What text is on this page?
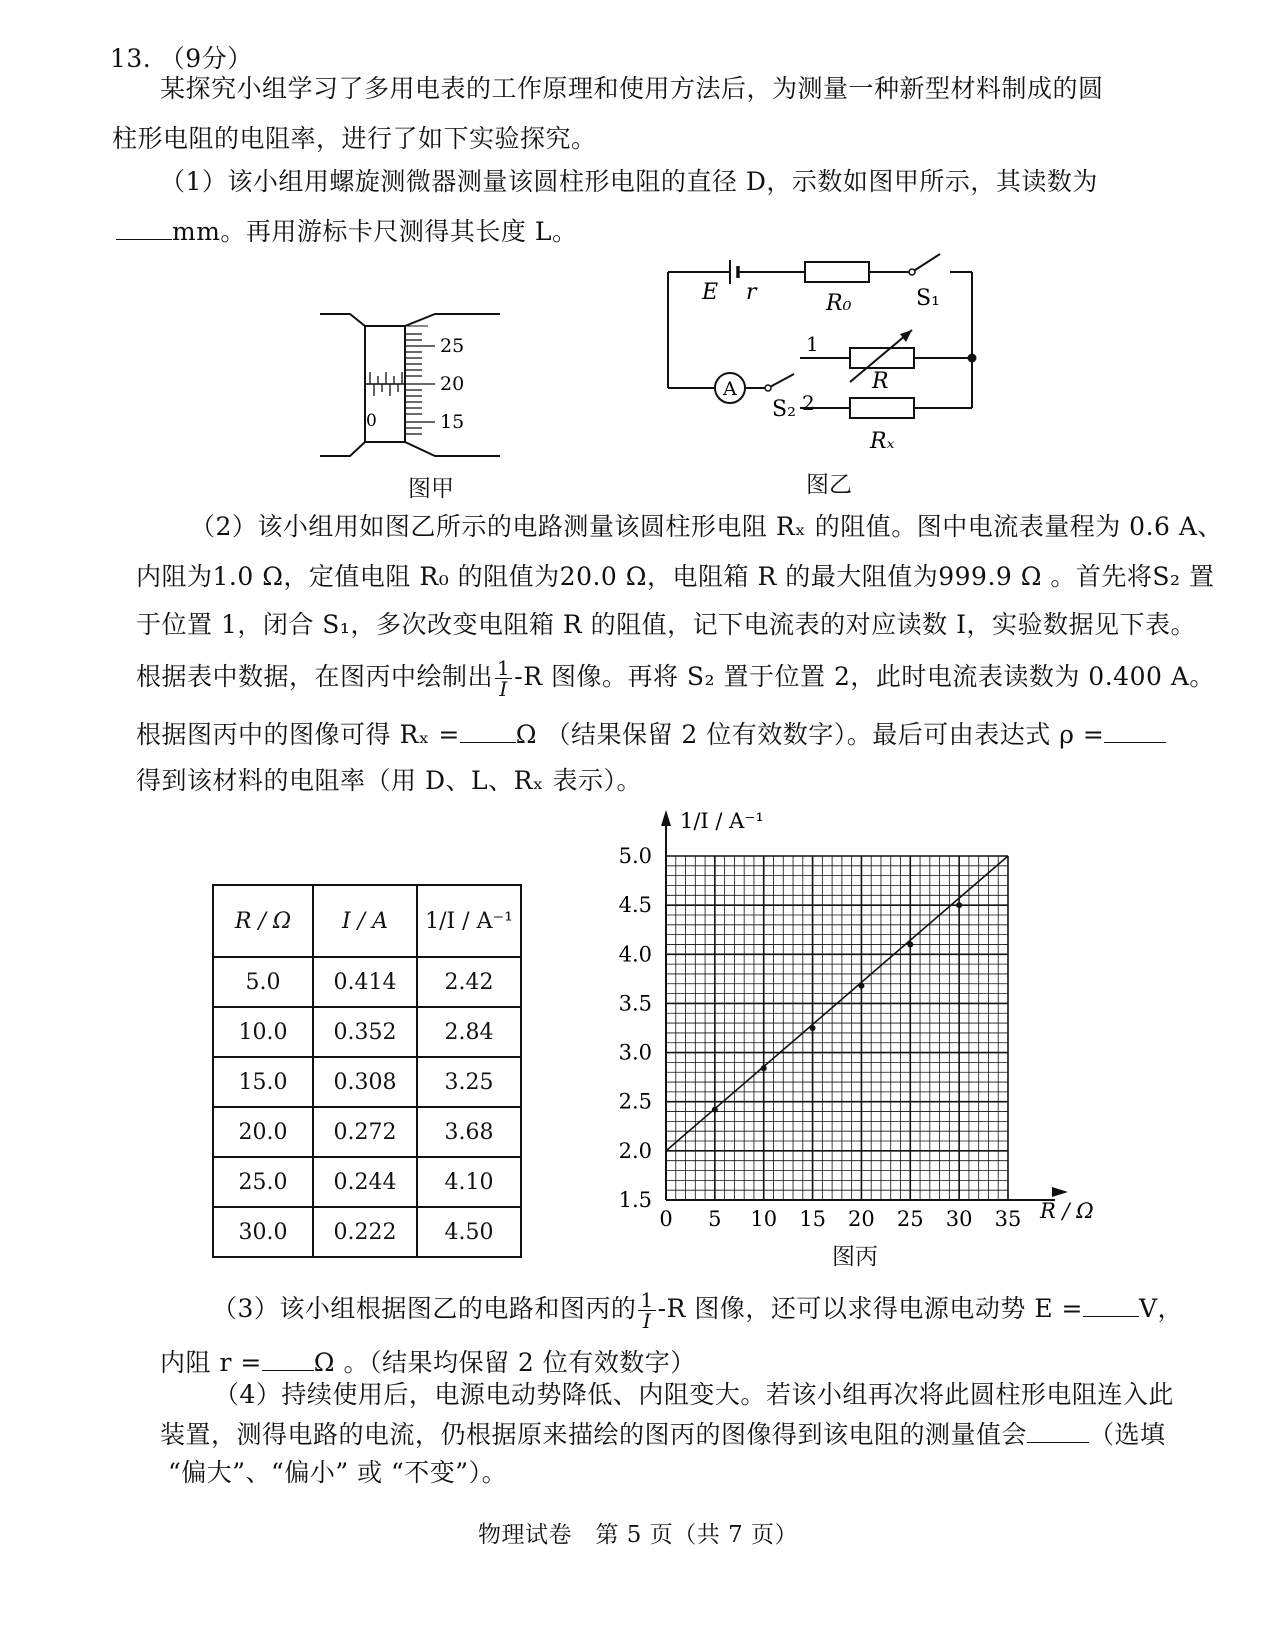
13. （9分）
某探究小组学习了多用电表的工作原理和使用方法后，为测量一种新型材料制成的圆
柱形电阻的电阻率，进行了如下实验探究。
（1）该小组用螺旋测微器测量该圆柱形电阻的直径 D，示数如图甲所示，其读数为
mm。再用游标卡尺测得其长度 L。
25
20
15
0
图甲
E r	R₀	S₁
A
S₂
1
2
R
Rₓ
图乙
（2）该小组用如图乙所示的电路测量该圆柱形电阻 Rₓ 的阻值。图中电流表量程为 0.6 A、
内阻为1.0 Ω，定值电阻 R₀ 的阻值为20.0 Ω，电阻箱 R 的最大阻值为999.9 Ω 。首先将S₂ 置
于位置 1，闭合 S₁，多次改变电阻箱 R 的阻值，记下电流表的对应读数 I，实验数据见下表。
根据表中数据，在图丙中绘制出 $\frac{1}{I} -R$ 图像。再将 S₂ 置于位置 2，此时电流表读数为 0.400 A。
根据图丙中的图像可得 Rₓ = Ω （结果保留 2 位有效数字）。最后可由表达式 ρ =
得到该材料的电阻率（用 D、L、Rₓ 表示）。
R / Ω	I / A	1/I / A⁻¹
5.0	0.414	2.42
10.0	0.352	2.84
15.0	0.308	3.25
20.0	0.272	3.68
25.0	0.244	4.10
30.0	0.222	4.50
0 5 10 15 20 25 30 35
1.5
2.0
2.5
3.0
3.5
4.0
4.5
5.0
1/I / A⁻¹
R / Ω
图丙
（3）该小组根据图乙的电路和图丙的 $\frac{1}{I} -R$ 图像，还可以求得电源电动势 E = V，
内阻 r = Ω 。（结果均保留 2 位有效数字）
（4）持续使用后，电源电动势降低、内阻变大。若该小组再次将此圆柱形电阻连入此
装置，测得电路的电流，仍根据原来描绘的图丙的图像得到该电阻的测量值会 （选填
“偏大”、“偏小” 或 “不变”）。
物理试卷　第 5 页（共 7 页）
